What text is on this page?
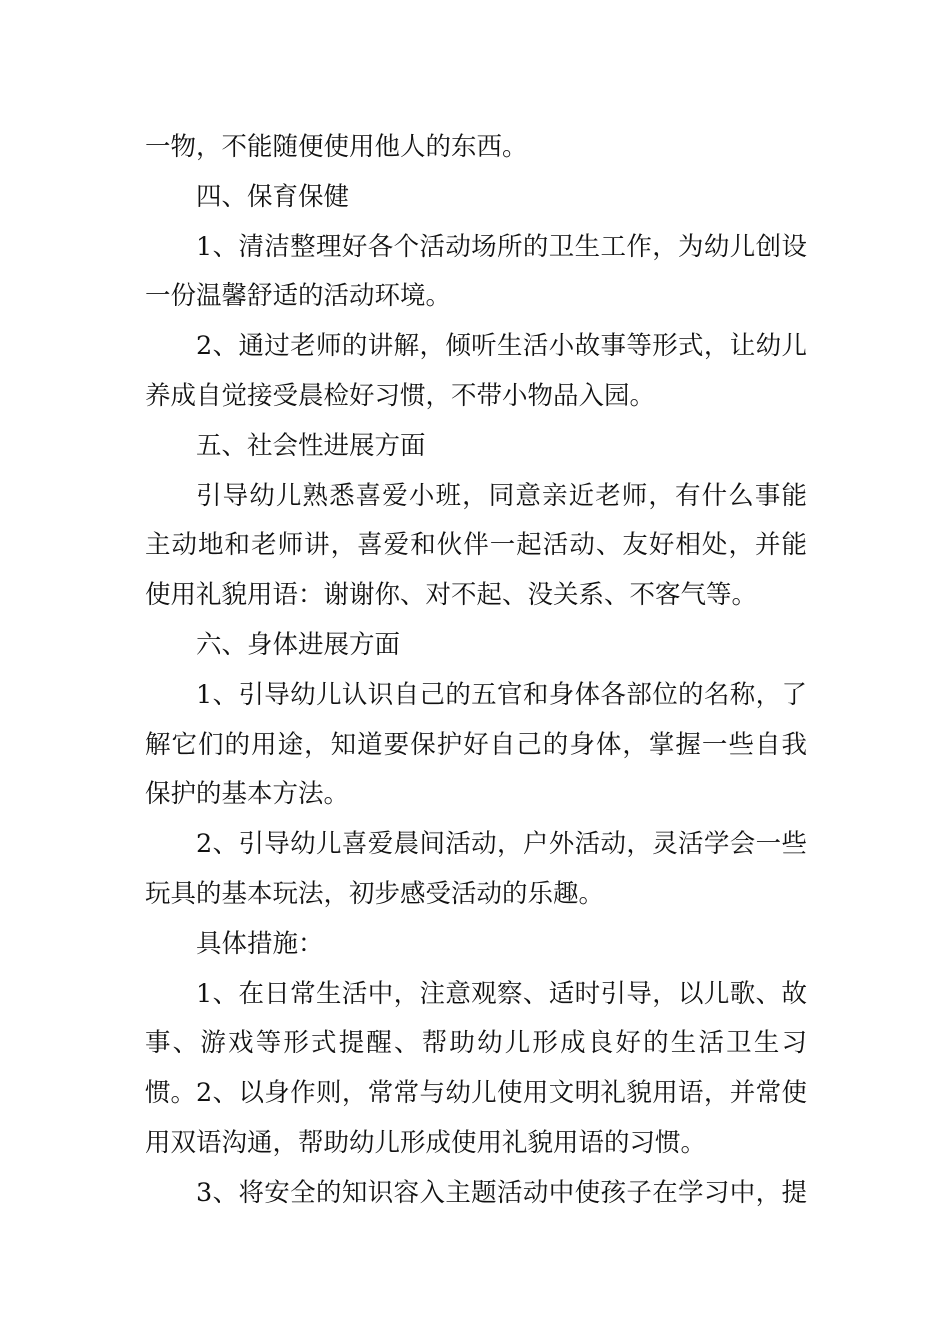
一物，不能随便使用他人的东西。

四、保育保健

1、清洁整理好各个活动场所的卫生工作，为幼儿创设
一份温馨舒适的活动环境。

2、通过老师的讲解，倾听生活小故事等形式，让幼儿
养成自觉接受晨检好习惯，不带小物品入园。

五、社会性进展方面

引导幼儿熟悉喜爱小班，同意亲近老师，有什么事能
主动地和老师讲，喜爱和伙伴一起活动、友好相处，并能
使用礼貌用语：谢谢你、对不起、没关系、不客气等。

六、身体进展方面

1、引导幼儿认识自己的五官和身体各部位的名称，了
解它们的用途，知道要保护好自己的身体，掌握一些自我
保护的基本方法。

2、引导幼儿喜爱晨间活动，户外活动，灵活学会一些
玩具的基本玩法，初步感受活动的乐趣。

具体措施：

1、在日常生活中，注意观察、适时引导，以儿歌、故
事、游戏等形式提醒、帮助幼儿形成良好的生活卫生习惯。 2、以身作则，常常与幼儿使用文明礼貌用语，并常使
用双语沟通，帮助幼儿形成使用礼貌用语的习惯。

3、将安全的知识容入主题活动中使孩子在学习中，提
